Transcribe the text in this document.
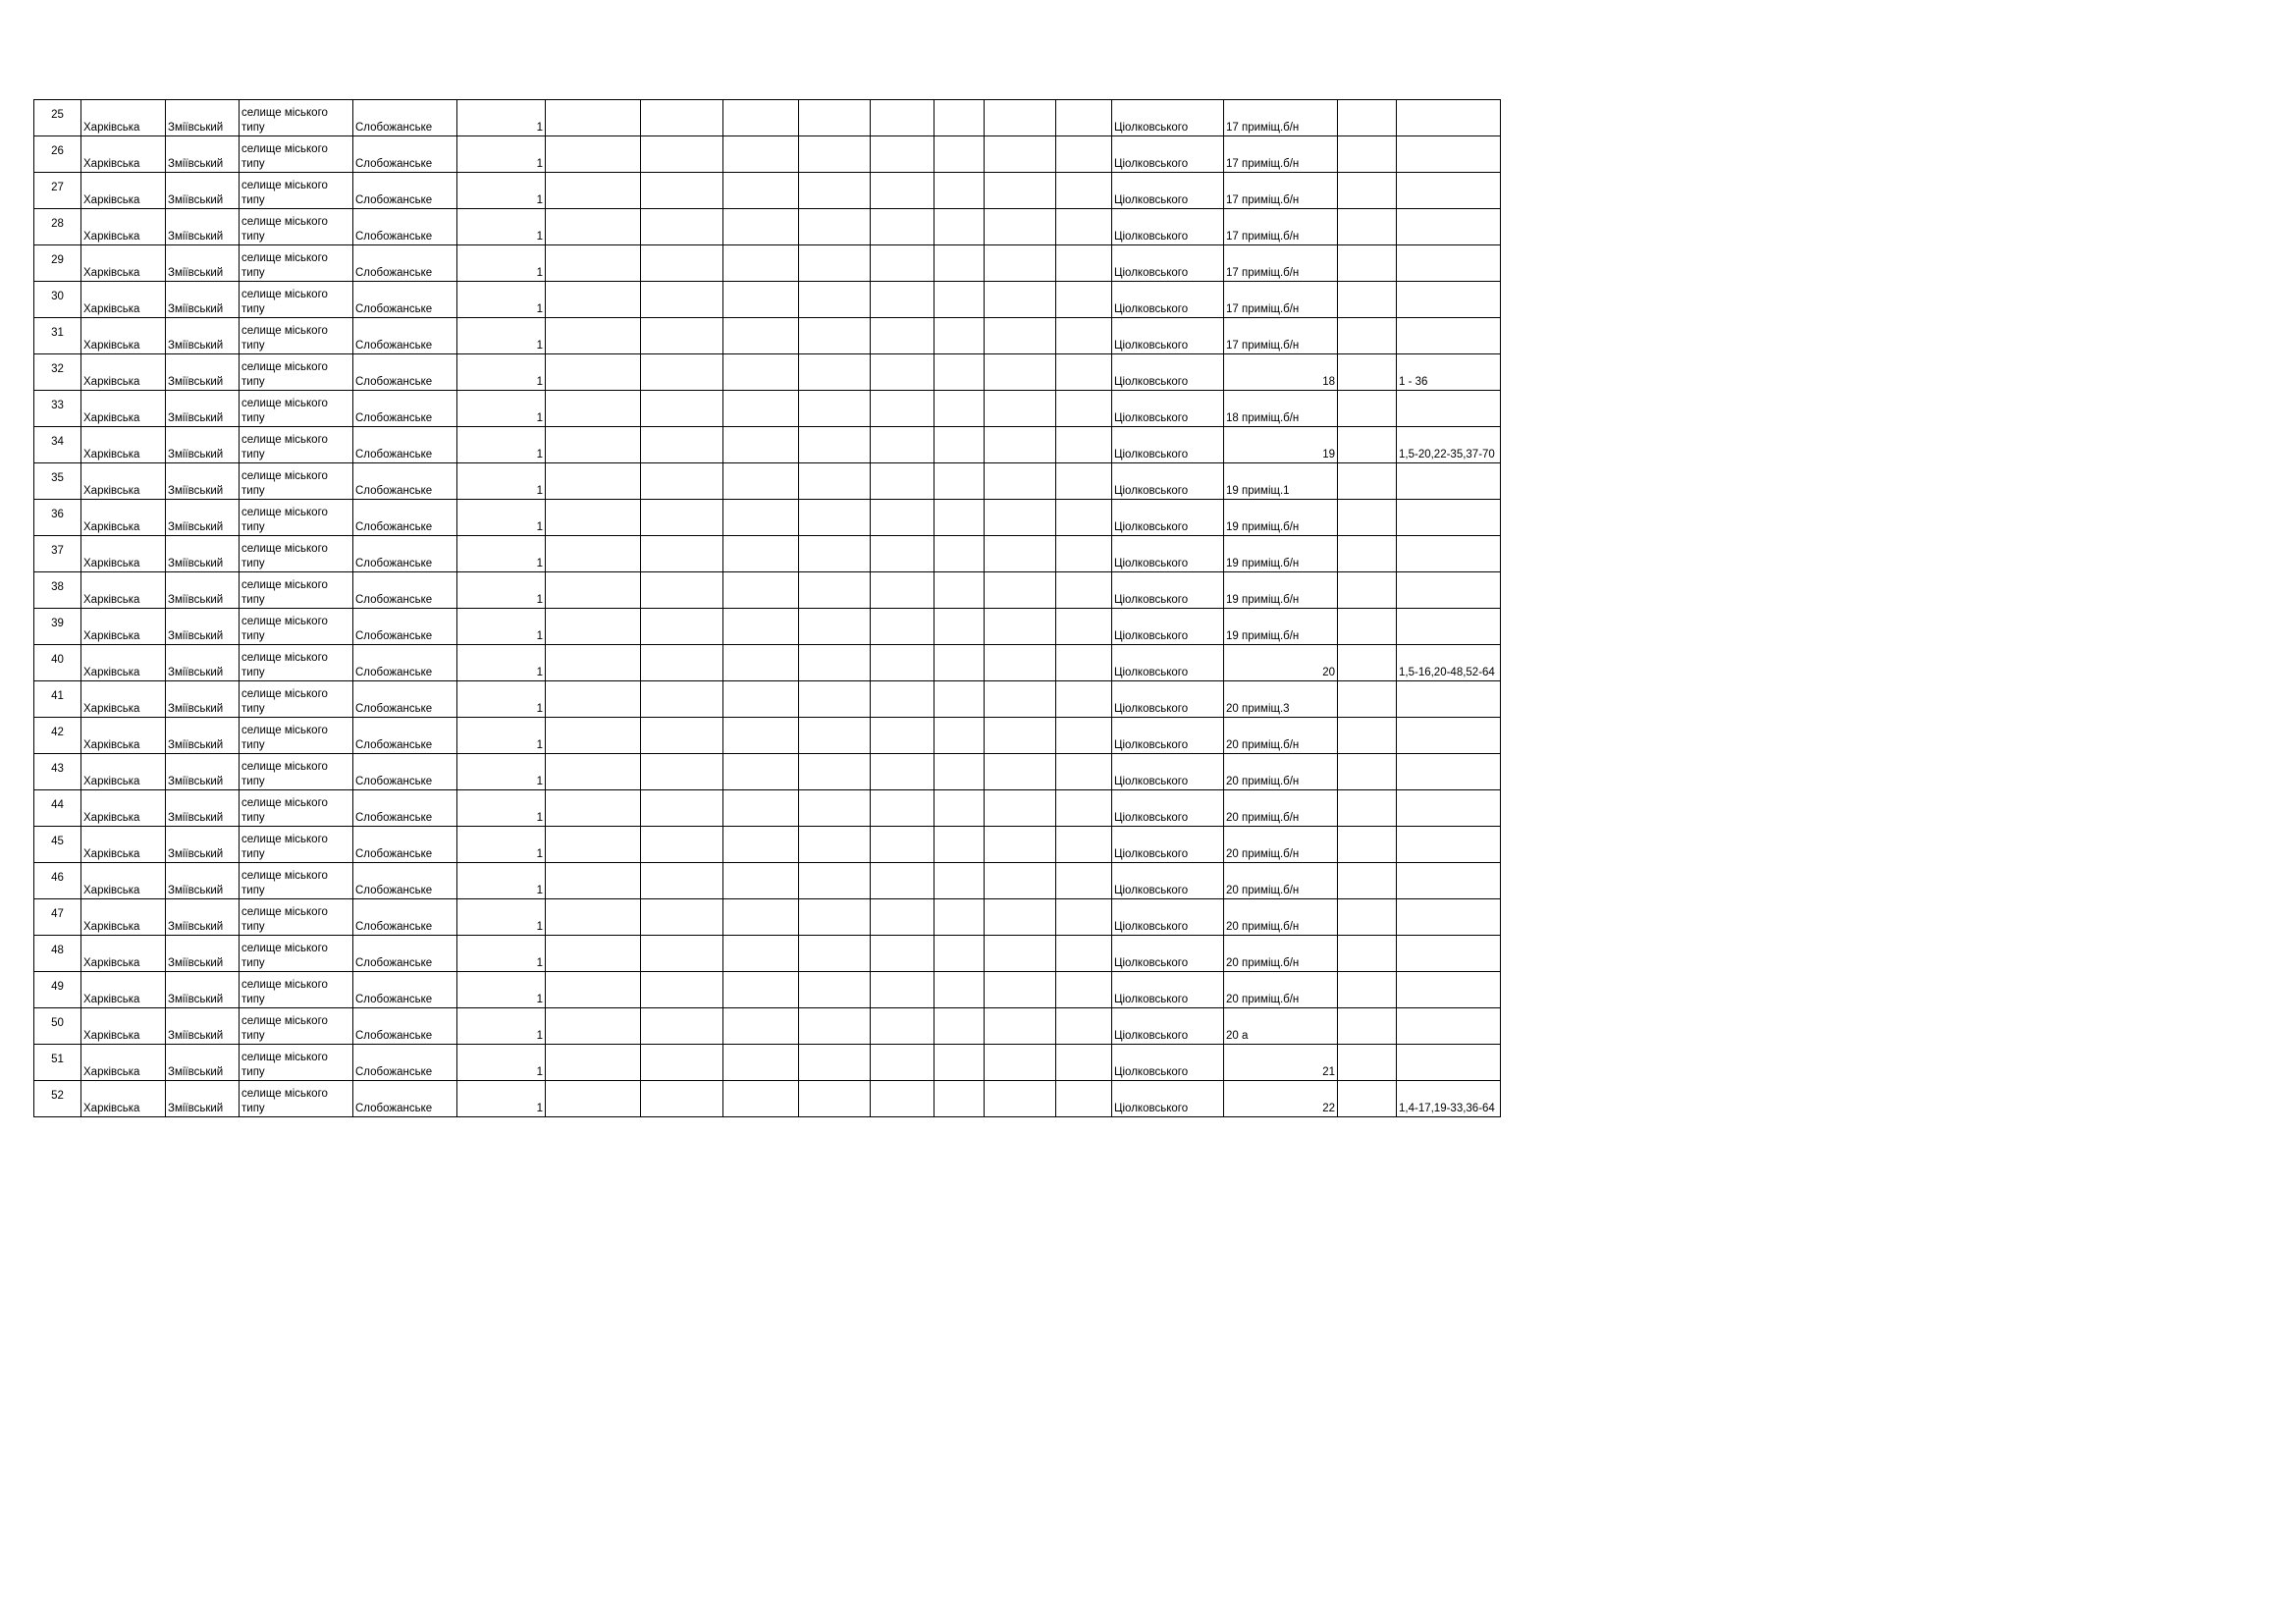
25	Харківська	Зміївський	селище міського типу	Слобожанське	1									Ціолковського	17 приміщ.б/н		
26	Харківська	Зміївський	селище міського типу	Слобожанське	1									Ціолковського	17 приміщ.б/н		
27	Харківська	Зміївський	селище міського типу	Слобожанське	1									Ціолковського	17 приміщ.б/н		
28	Харківська	Зміївський	селище міського типу	Слобожанське	1									Ціолковського	17 приміщ.б/н		
29	Харківська	Зміївський	селище міського типу	Слобожанське	1									Ціолковського	17 приміщ.б/н		
30	Харківська	Зміївський	селище міського типу	Слобожанське	1									Ціолковського	17 приміщ.б/н		
31	Харківська	Зміївський	селище міського типу	Слобожанське	1									Ціолковського	17 приміщ.б/н		
32	Харківська	Зміївський	селище міського типу	Слобожанське	1									Ціолковського	18		1 - 36
33	Харківська	Зміївський	селище міського типу	Слобожанське	1									Ціолковського	18 приміщ.б/н		
34	Харківська	Зміївський	селище міського типу	Слобожанське	1									Ціолковського	19		1,5-20,22-35,37-70
35	Харківська	Зміївський	селище міського типу	Слобожанське	1									Ціолковського	19 приміщ.1		
36	Харківська	Зміївський	селище міського типу	Слобожанське	1									Ціолковського	19 приміщ.б/н		
37	Харківська	Зміївський	селище міського типу	Слобожанське	1									Ціолковського	19 приміщ.б/н		
38	Харківська	Зміївський	селище міського типу	Слобожанське	1									Ціолковського	19 приміщ.б/н		
39	Харківська	Зміївський	селище міського типу	Слобожанське	1									Ціолковського	19 приміщ.б/н		
40	Харківська	Зміївський	селище міського типу	Слобожанське	1									Ціолковського	20		1,5-16,20-48,52-64
41	Харківська	Зміївський	селище міського типу	Слобожанське	1									Ціолковського	20 приміщ.3		
42	Харківська	Зміївський	селище міського типу	Слобожанське	1									Ціолковського	20 приміщ.б/н		
43	Харківська	Зміївський	селище міського типу	Слобожанське	1									Ціолковського	20 приміщ.б/н		
44	Харківська	Зміївський	селище міського типу	Слобожанське	1									Ціолковського	20 приміщ.б/н		
45	Харківська	Зміївський	селище міського типу	Слобожанське	1									Ціолковського	20 приміщ.б/н		
46	Харківська	Зміївський	селище міського типу	Слобожанське	1									Ціолковського	20 приміщ.б/н		
47	Харківська	Зміївський	селище міського типу	Слобожанське	1									Ціолковського	20 приміщ.б/н		
48	Харківська	Зміївський	селище міського типу	Слобожанське	1									Ціолковського	20 приміщ.б/н		
49	Харківська	Зміївський	селище міського типу	Слобожанське	1									Ціолковського	20 приміщ.б/н		
50	Харківська	Зміївський	селище міського типу	Слобожанське	1									Ціолковського	20 а		
51	Харківська	Зміївський	селище міського типу	Слобожанське	1									Ціолковського	21		
52	Харківська	Зміївський	селище міського типу	Слобожанське	1									Ціолковського	22		1,4-17,19-33,36-64
